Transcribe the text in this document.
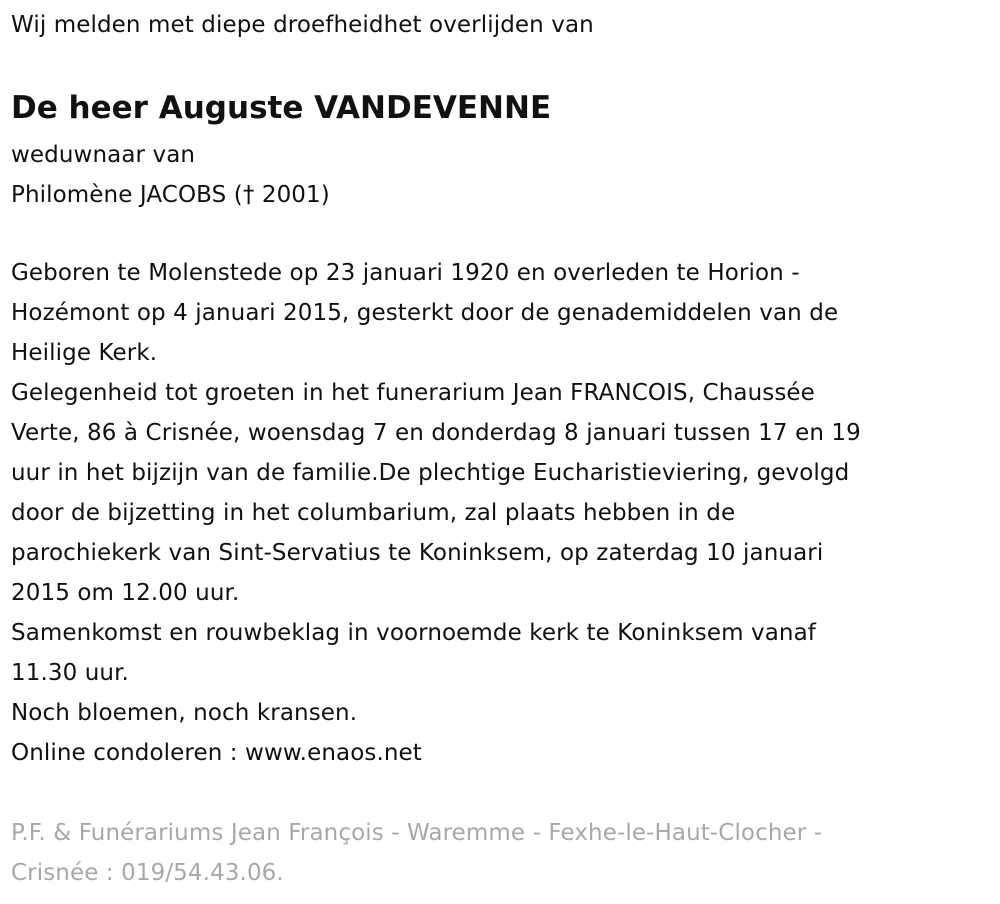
Wij melden met diepe droefheidhet overlijden van
De heer Auguste VANDEVENNE
weduwnaar van
Philomène JACOBS († 2001)
Geboren te Molenstede op 23 januari 1920 en overleden te Horion -
Hozémont op 4 januari 2015, gesterkt door de genademiddelen van de
Heilige Kerk.
Gelegenheid tot groeten in het funerarium Jean FRANCOIS, Chaussée
Verte, 86 à Crisnée, woensdag 7 en donderdag 8 januari tussen 17 en 19
uur in het bijzijn van de familie.De plechtige Eucharistieviering, gevolgd
door de bijzetting in het columbarium, zal plaats hebben in de
parochiekerk van Sint-Servatius te Koninksem, op zaterdag 10 januari
2015 om 12.00 uur.
Samenkomst en rouwbeklag in voornoemde kerk te Koninksem vanaf
11.30 uur.
Noch bloemen, noch kransen.
Online condoleren : www.enaos.net
P.F. & Funérariums Jean François - Waremme - Fexhe-le-Haut-Clocher -
Crisnée : 019/54.43.06.
